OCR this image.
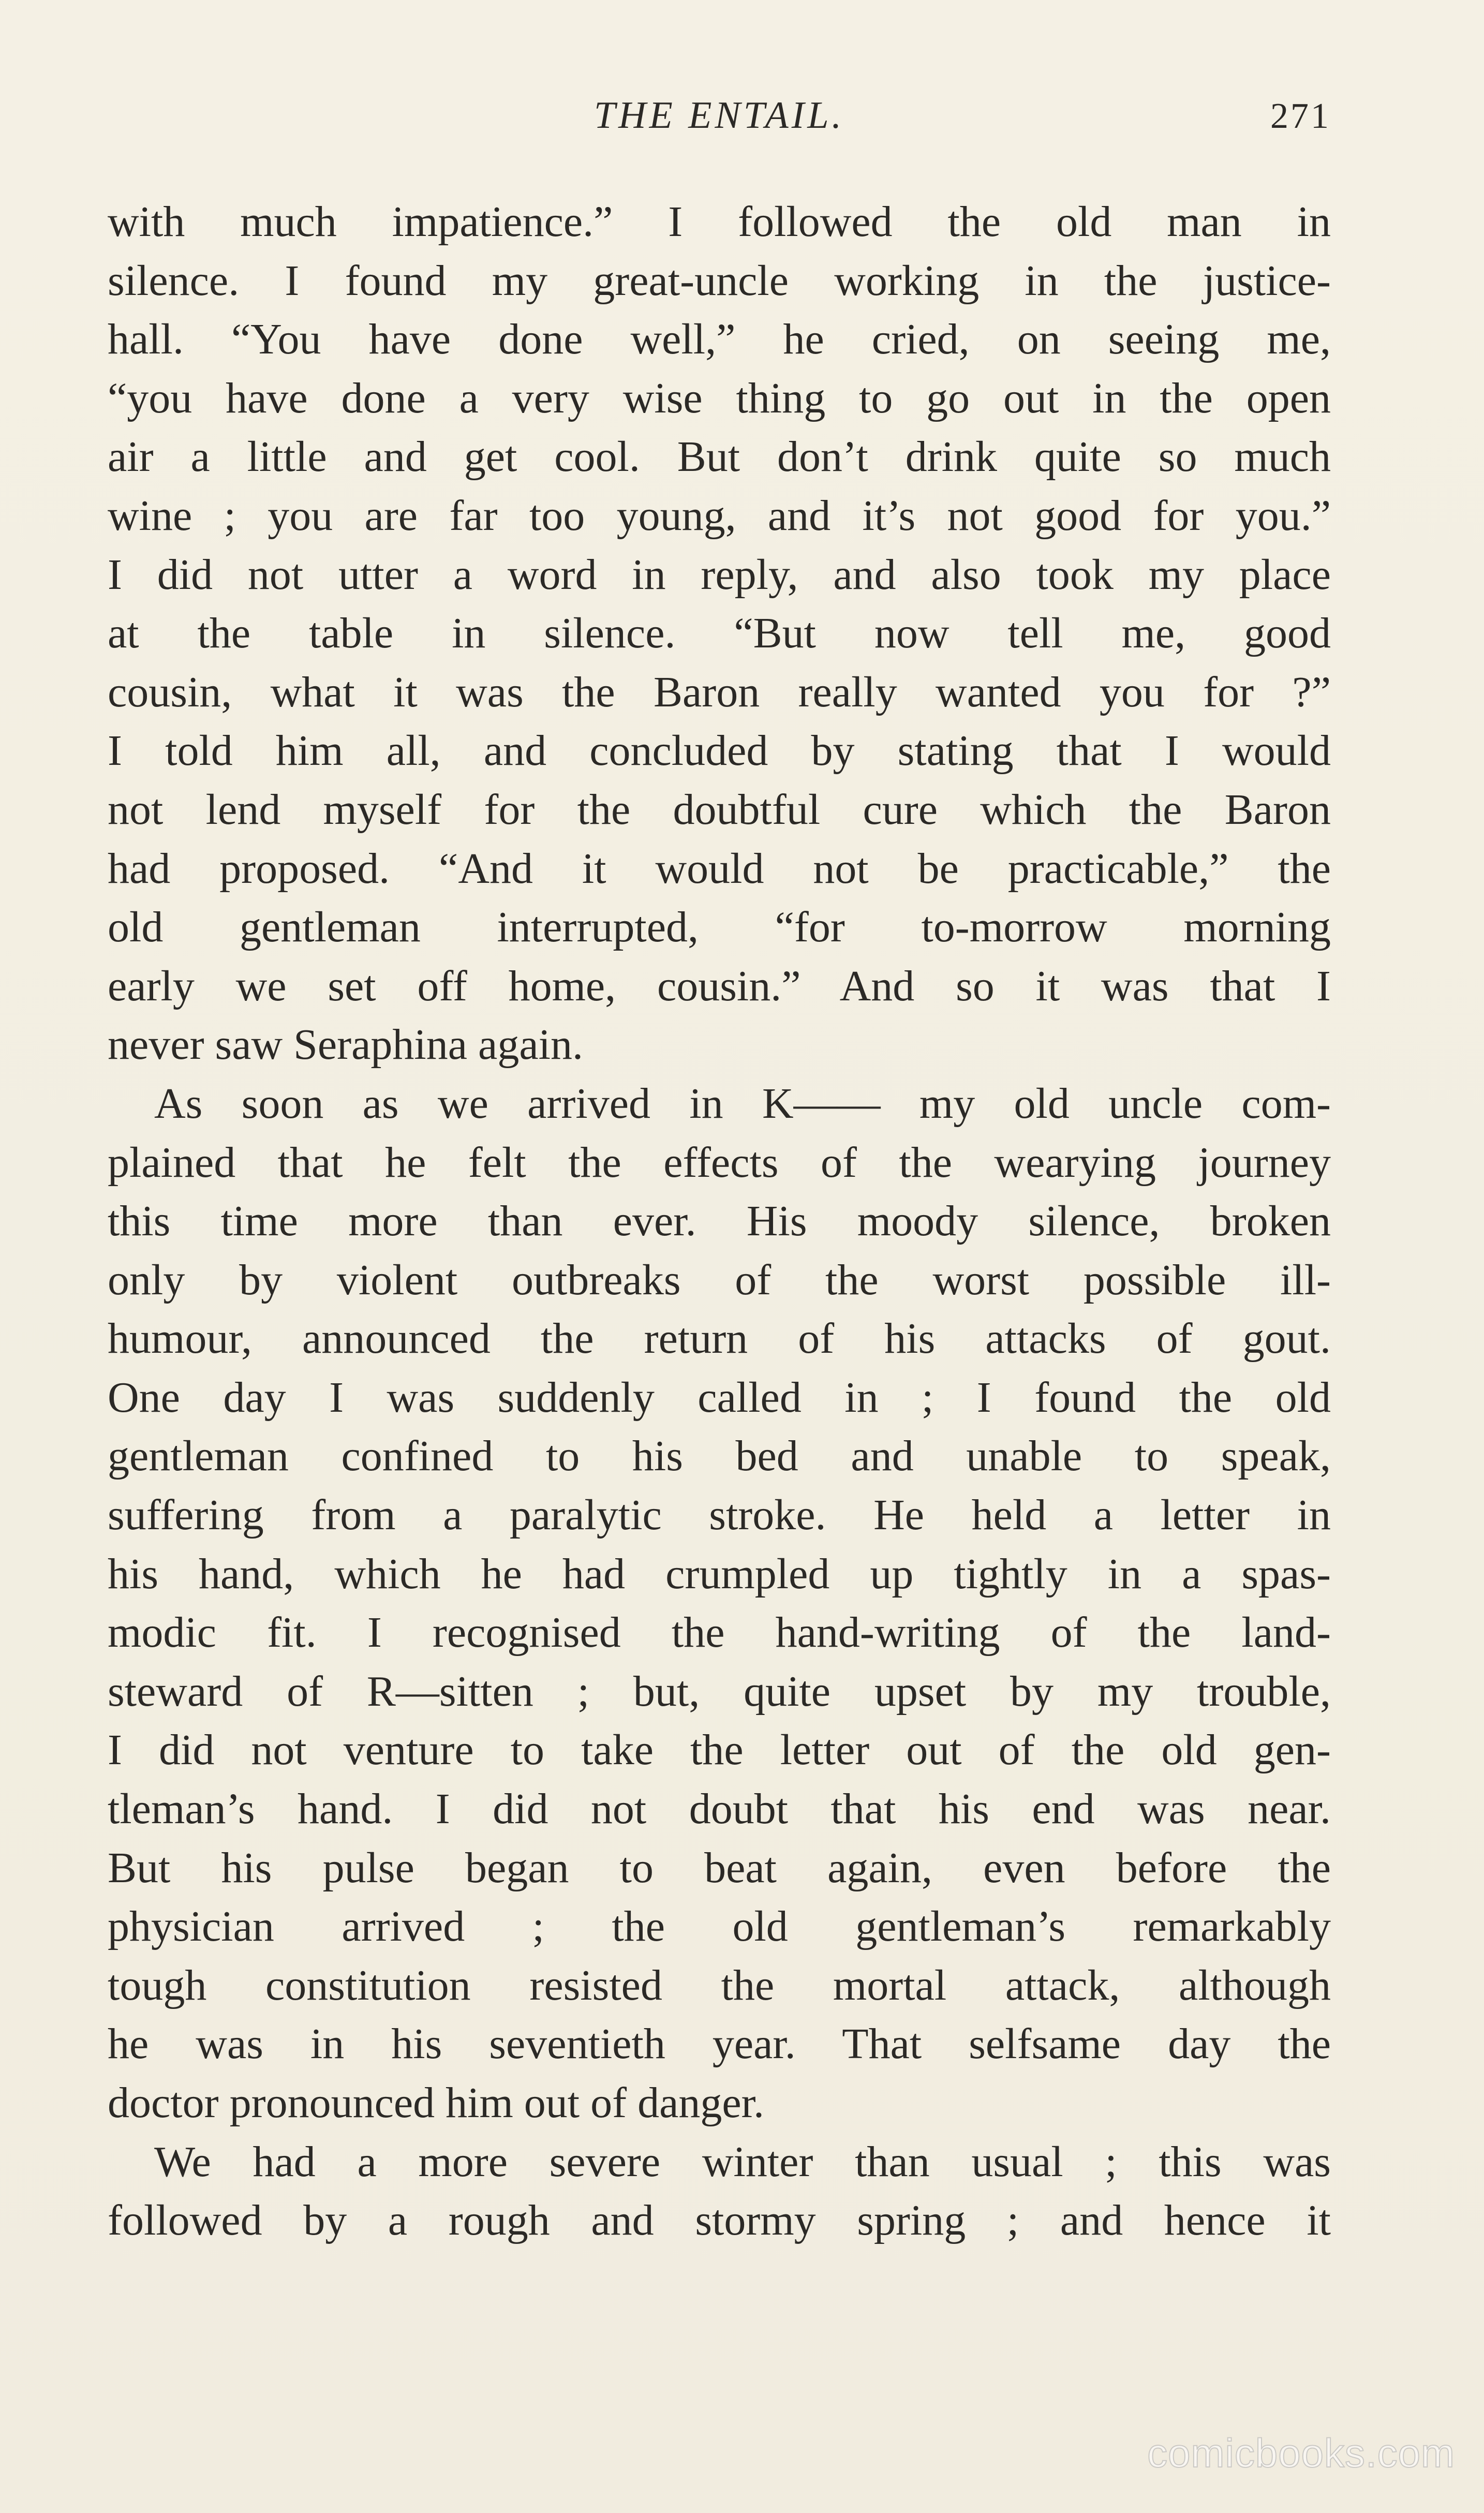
THE ENTAIL.	271
with much impatience.” I followed the old man in
silence. I found my great-uncle working in the justice-
hall. “You have done well,” he cried, on seeing me,
“you have done a very wise thing to go out in the open
air a little and get cool. But don’t drink quite so much
wine ; you are far too young, and it’s not good for you.”
I did not utter a word in reply, and also took my place
at the table in silence. “But now tell me, good
cousin, what it was the Baron really wanted you for ?”
I told him all, and concluded by stating that I would
not lend myself for the doubtful cure which the Baron
had proposed. “And it would not be practicable,” the
old gentleman interrupted, “for to-morrow morning
early we set off home, cousin.” And so it was that I
never saw Seraphina again.
As soon as we arrived in K—— my old uncle com-
plained that he felt the effects of the wearying journey
this time more than ever. His moody silence, broken
only by violent outbreaks of the worst possible ill-
humour, announced the return of his attacks of gout.
One day I was suddenly called in ; I found the old
gentleman confined to his bed and unable to speak,
suffering from a paralytic stroke. He held a letter in
his hand, which he had crumpled up tightly in a spas-
modic fit. I recognised the hand-writing of the land-
steward of R—sitten ; but, quite upset by my trouble,
I did not venture to take the letter out of the old gen-
tleman’s hand. I did not doubt that his end was near.
But his pulse began to beat again, even before the
physician arrived ; the old gentleman’s remarkably
tough constitution resisted the mortal attack, although
he was in his seventieth year. That selfsame day the
doctor pronounced him out of danger.
We had a more severe winter than usual ; this was
followed by a rough and stormy spring ; and hence it
comicbooks.com
